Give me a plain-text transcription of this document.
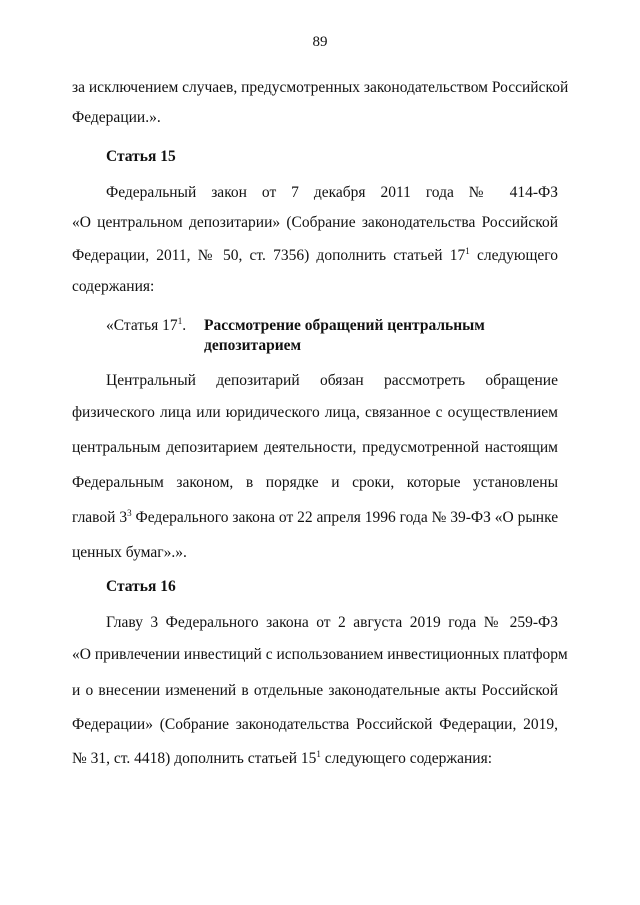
89
за исключением случаев, предусмотренных законодательством Российской
Федерации.».
Статья 15
Федеральный закон от 7 декабря 2011 года № 414-ФЗ
«О центральном депозитарии» (Собрание законодательства Российской
Федерации, 2011, № 50, ст. 7356) дополнить статьей $17^1$ следующего
содержания:
«Статья $17^1$.	Рассмотрение обращений центральным
депозитарием
Центральный депозитарий обязан рассмотреть обращение
физического лица или юридического лица, связанное с осуществлением
центральным депозитарием деятельности, предусмотренной настоящим
Федеральным законом, в порядке и сроки, которые установлены
главой $3^3$ Федерального закона от 22 апреля 1996 года № 39-ФЗ «О рынке
ценных бумаг».».
Статья 16
Главу 3 Федерального закона от 2 августа 2019 года № 259-ФЗ
«О привлечении инвестиций с использованием инвестиционных платформ
и о внесении изменений в отдельные законодательные акты Российской
Федерации» (Собрание законодательства Российской Федерации, 2019,
№ 31, ст. 4418) дополнить статьей $15^1$ следующего содержания:
